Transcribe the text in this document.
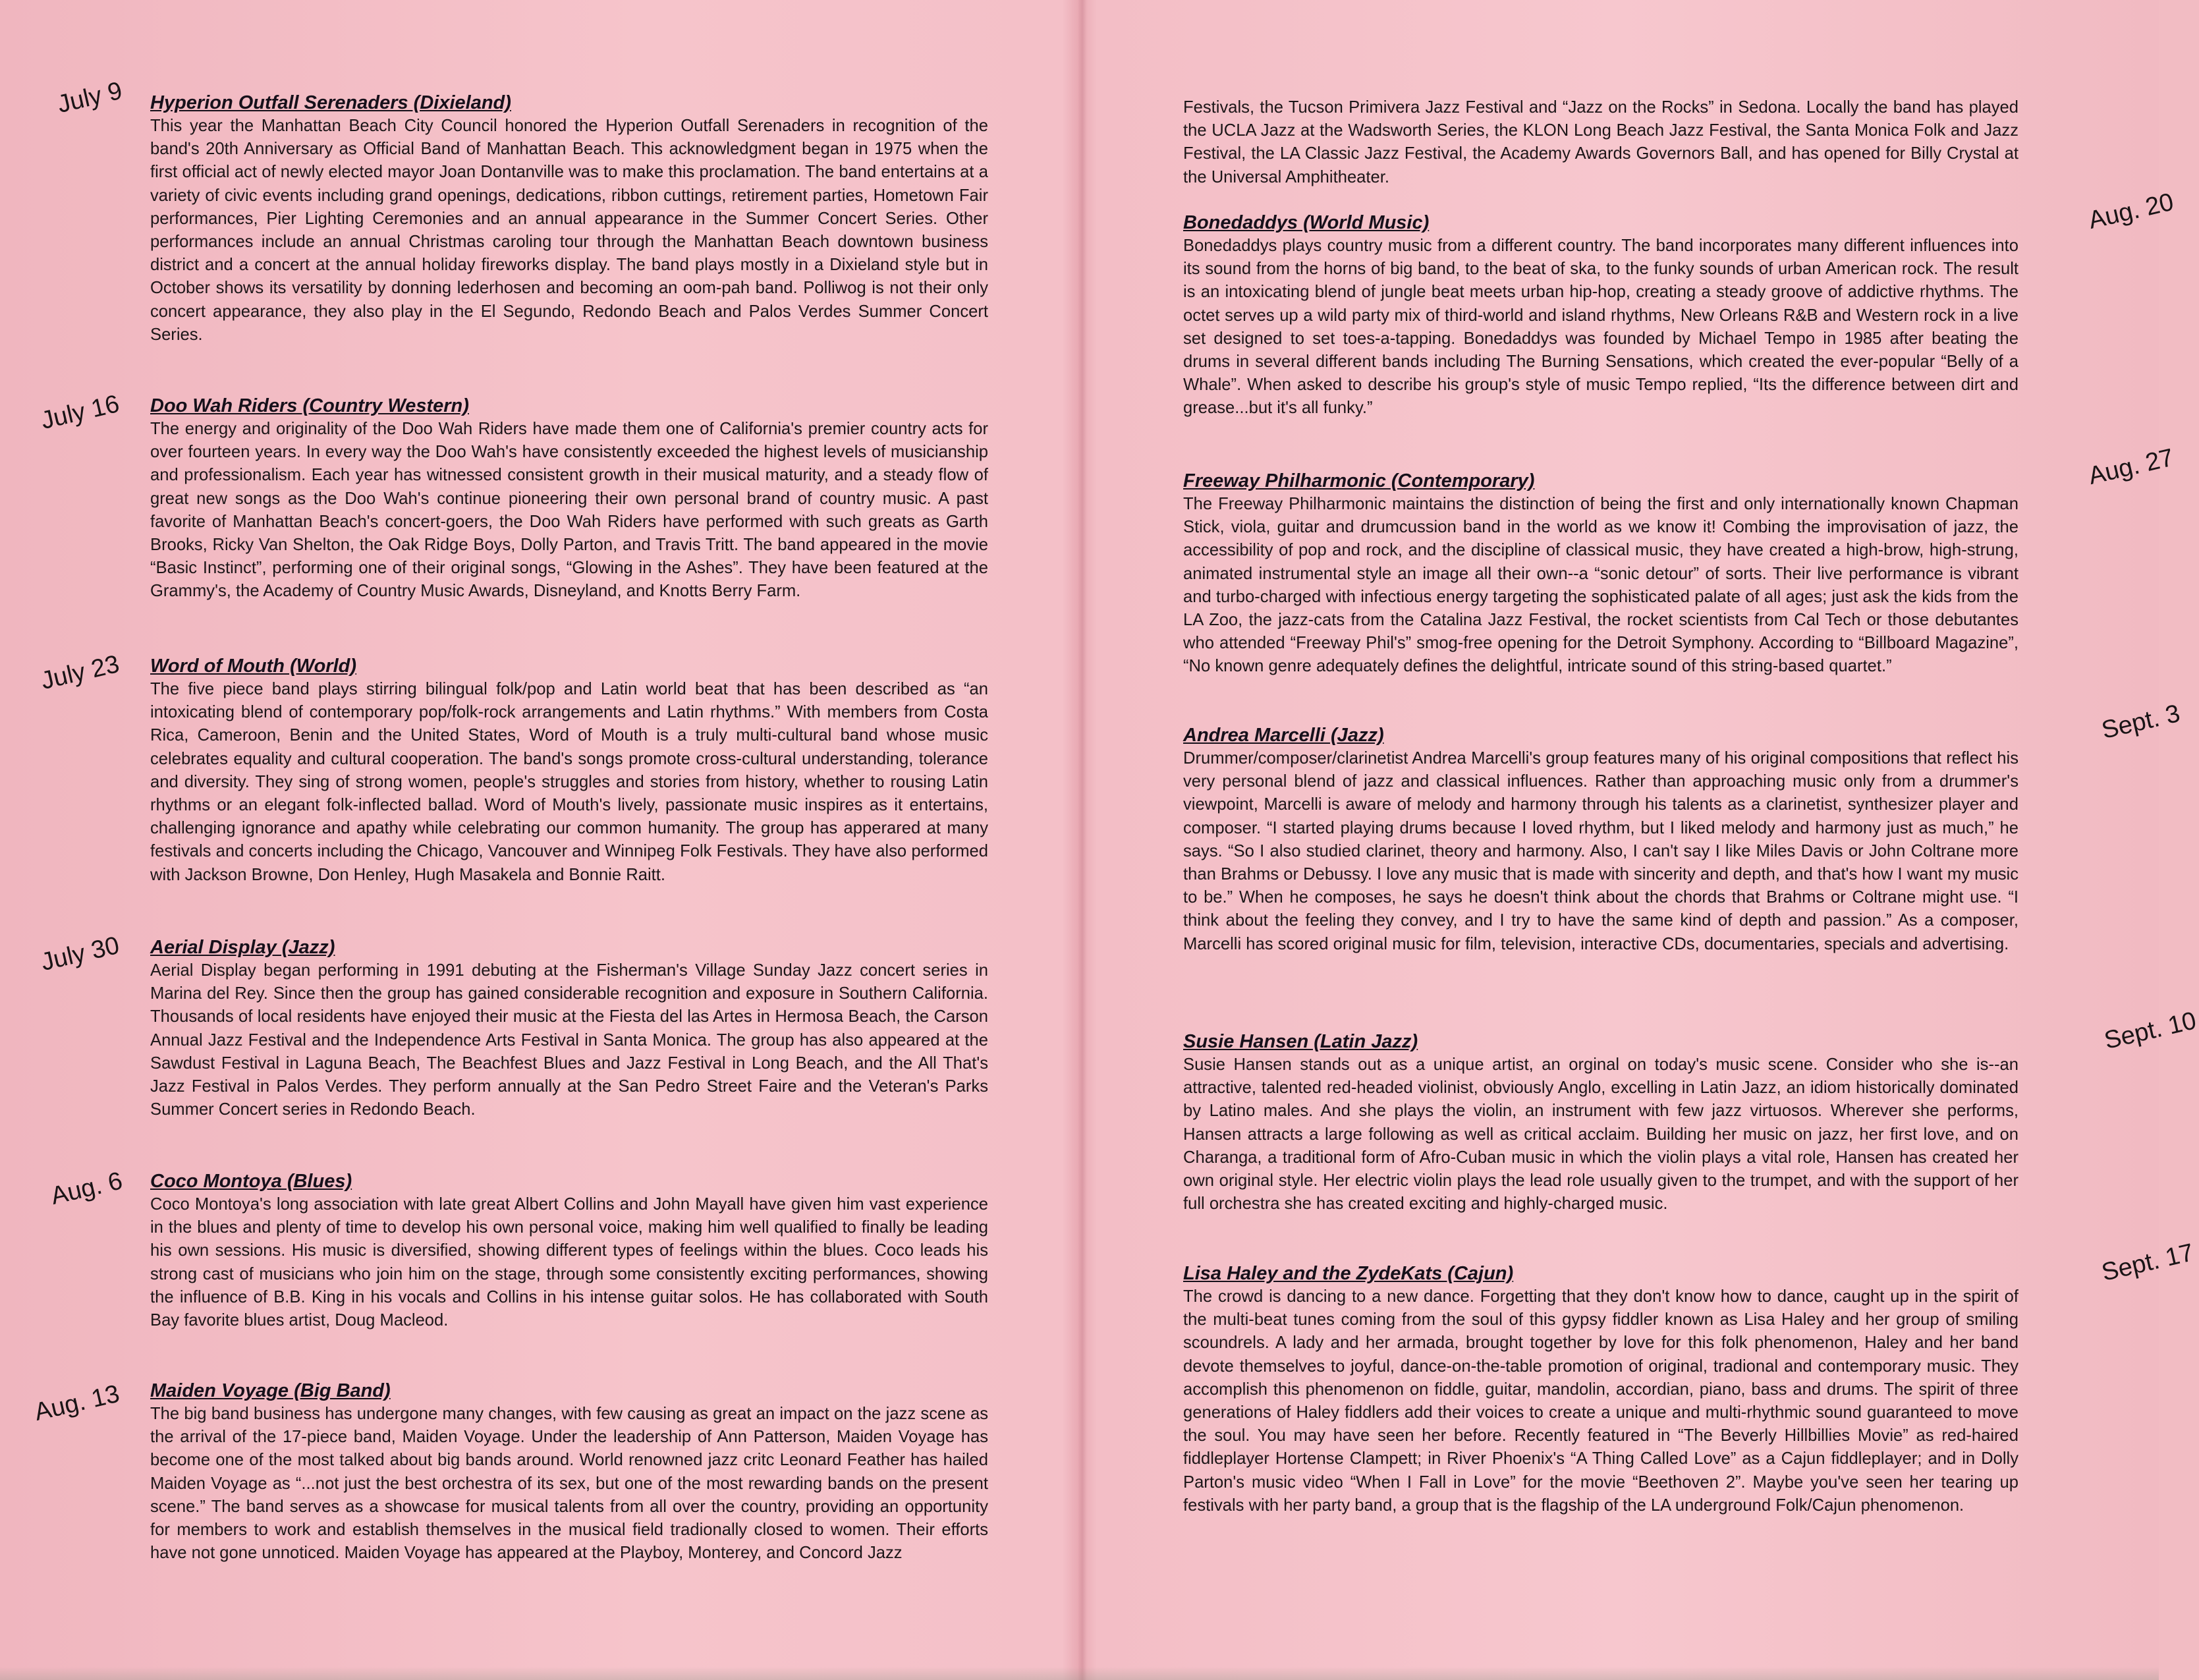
July 9 Hyperion Outfall Serenaders (Dixieland)

This year the Manhattan Beach City Council honored the Hyperion Outfall Serenaders in recognition of the band's 20th Anniversary as Official Band of Manhattan Beach. This acknowledgment began in 1975 when the first official act of newly elected mayor Joan Dontanville was to make this proclamation. The band entertains at a variety of civic events including grand openings, dedications, ribbon cuttings, retirement parties, Hometown Fair performances, Pier Lighting Ceremonies and an annual appearance in the Summer Concert Series. Other performances include an annual Christmas caroling tour through the Manhattan Beach downtown business district and a concert at the annual holiday fireworks display. The band plays mostly in a Dixieland style but in October shows its versatility by donning lederhosen and becoming an oom-pah band. Polliwog is not their only concert appearance, they also play in the El Segundo, Redondo Beach and Palos Verdes Summer Concert Series.

July 16 Doo Wah Riders (Country Western)

The energy and originality of the Doo Wah Riders have made them one of California's premier country acts for over fourteen years. In every way the Doo Wah's have consistently exceeded the highest levels of musicianship and professionalism. Each year has witnessed consistent growth in their musical maturity, and a steady flow of great new songs as the Doo Wah's continue pioneering their own personal brand of country music. A past favorite of Manhattan Beach's concert-goers, the Doo Wah Riders have performed with such greats as Garth Brooks, Ricky Van Shelton, the Oak Ridge Boys, Dolly Parton, and Travis Tritt. The band appeared in the movie “Basic Instinct”, performing one of their original songs, “Glowing in the Ashes”. They have been featured at the Grammy's, the Academy of Country Music Awards, Disneyland, and Knotts Berry Farm.

July 23 Word of Mouth (World)

The five piece band plays stirring bilingual folk/pop and Latin world beat that has been described as “an intoxicating blend of contemporary pop/folk-rock arrangements and Latin rhythms.” With members from Costa Rica, Cameroon, Benin and the United States, Word of Mouth is a truly multi-cultural band whose music celebrates equality and cultural cooperation. The band's songs promote cross-cultural understanding, tolerance and diversity. They sing of strong women, people's struggles and stories from history, whether to rousing Latin rhythms or an elegant folk-inflected ballad. Word of Mouth's lively, passionate music inspires as it entertains, challenging ignorance and apathy while celebrating our common humanity. The group has apperared at many festivals and concerts including the Chicago, Vancouver and Winnipeg Folk Festivals. They have also performed with Jackson Browne, Don Henley, Hugh Masakela and Bonnie Raitt.

July 30 Aerial Display (Jazz)

Aerial Display began performing in 1991 debuting at the Fisherman's Village Sunday Jazz concert series in Marina del Rey. Since then the group has gained considerable recognition and exposure in Southern California. Thousands of local residents have enjoyed their music at the Fiesta del las Artes in Hermosa Beach, the Carson Annual Jazz Festival and the Independence Arts Festival in Santa Monica. The group has also appeared at the Sawdust Festival in Laguna Beach, The Beachfest Blues and Jazz Festival in Long Beach, and the All That's Jazz Festival in Palos Verdes. They perform annually at the San Pedro Street Faire and the Veteran's Parks Summer Concert series in Redondo Beach.

Aug. 6 Coco Montoya (Blues)

Coco Montoya's long association with late great Albert Collins and John Mayall have given him vast experience in the blues and plenty of time to develop his own personal voice, making him well qualified to finally be leading his own sessions. His music is diversified, showing different types of feelings within the blues. Coco leads his strong cast of musicians who join him on the stage, through some consistently exciting performances, showing the influence of B.B. King in his vocals and Collins in his intense guitar solos. He has collaborated with South Bay favorite blues artist, Doug Macleod.

Aug. 13 Maiden Voyage (Big Band)

The big band business has undergone many changes, with few causing as great an impact on the jazz scene as the arrival of the 17-piece band, Maiden Voyage. Under the leadership of Ann Patterson, Maiden Voyage has become one of the most talked about big bands around. World renowned jazz critc Leonard Feather has hailed Maiden Voyage as “...not just the best orchestra of its sex, but one of the most rewarding bands on the present scene.” The band serves as a showcase for musical talents from all over the country, providing an opportunity for members to work and establish themselves in the musical field tradionally closed to women. Their efforts have not gone unnoticed. Maiden Voyage has appeared at the Playboy, Monterey, and Concord Jazz

Festivals, the Tucson Primivera Jazz Festival and “Jazz on the Rocks” in Sedona. Locally the band has played the UCLA Jazz at the Wadsworth Series, the KLON Long Beach Jazz Festival, the Santa Monica Folk and Jazz Festival, the LA Classic Jazz Festival, the Academy Awards Governors Ball, and has opened for Billy Crystal at the Universal Amphitheater.

Aug. 20

Bonedaddys (World Music)

Bonedaddys plays country music from a different country. The band incorporates many different influences into its sound from the horns of big band, to the beat of ska, to the funky sounds of urban American rock. The result is an intoxicating blend of jungle beat meets urban hip-hop, creating a steady groove of addictive rhythms. The octet serves up a wild party mix of third-world and island rhythms, New Orleans R&B and Western rock in a live set designed to set toes-a-tapping. Bonedaddys was founded by Michael Tempo in 1985 after beating the drums in several different bands including The Burning Sensations, which created the ever-popular “Belly of a Whale”. When asked to describe his group's style of music Tempo replied, “Its the difference between dirt and grease...but it's all funky.”

Aug. 27

Freeway Philharmonic (Contemporary)

The Freeway Philharmonic maintains the distinction of being the first and only internationally known Chapman Stick, viola, guitar and drumcussion band in the world as we know it! Combing the improvisation of jazz, the accessibility of pop and rock, and the discipline of classical music, they have created a high-brow, high-strung, animated instrumental style an image all their own--a “sonic detour” of sorts. Their live performance is vibrant and turbo-charged with infectious energy targeting the sophisticated palate of all ages; just ask the kids from the LA Zoo, the jazz-cats from the Catalina Jazz Festival, the rocket scientists from Cal Tech or those debutantes who attended “Freeway Phil's” smog-free opening for the Detroit Symphony. According to “Billboard Magazine”, “No known genre adequately defines the delightful, intricate sound of this string-based quartet.”

Sept. 3

Andrea Marcelli (Jazz)

Drummer/composer/clarinetist Andrea Marcelli's group features many of his original compositions that reflect his very personal blend of jazz and classical influences. Rather than approaching music only from a drummer's viewpoint, Marcelli is aware of melody and harmony through his talents as a clarinetist, synthesizer player and composer. “I started playing drums because I loved rhythm, but I liked melody and harmony just as much,” he says. “So I also studied clarinet, theory and harmony. Also, I can't say I like Miles Davis or John Coltrane more than Brahms or Debussy. I love any music that is made with sincerity and depth, and that's how I want my music to be.” When he composes, he says he doesn't think about the chords that Brahms or Coltrane might use. “I think about the feeling they convey, and I try to have the same kind of depth and passion.” As a composer, Marcelli has scored original music for film, television, interactive CDs, documentaries, specials and advertising.

Sept. 10

Susie Hansen (Latin Jazz)

Susie Hansen stands out as a unique artist, an orginal on today's music scene. Consider who she is--an attractive, talented red-headed violinist, obviously Anglo, excelling in Latin Jazz, an idiom historically dominated by Latino males. And she plays the violin, an instrument with few jazz virtuosos. Wherever she performs, Hansen attracts a large following as well as critical acclaim. Building her music on jazz, her first love, and on Charanga, a traditional form of Afro-Cuban music in which the violin plays a vital role, Hansen has created her own original style. Her electric violin plays the lead role usually given to the trumpet, and with the support of her full orchestra she has created exciting and highly-charged music.

Sept. 17

Lisa Haley and the ZydeKats (Cajun)

The crowd is dancing to a new dance. Forgetting that they don't know how to dance, caught up in the spirit of the multi-beat tunes coming from the soul of this gypsy fiddler known as Lisa Haley and her group of smiling scoundrels. A lady and her armada, brought together by love for this folk phenomenon, Haley and her band devote themselves to joyful, dance-on-the-table promotion of original, tradional and contemporary music. They accomplish this phenomenon on fiddle, guitar, mandolin, accordian, piano, bass and drums. The spirit of three generations of Haley fiddlers add their voices to create a unique and multi-rhythmic sound guaranteed to move the soul. You may have seen her before. Recently featured in “The Beverly Hillbillies Movie” as red-haired fiddleplayer Hortense Clampett; in River Phoenix's “A Thing Called Love” as a Cajun fiddleplayer; and in Dolly Parton's music video “When I Fall in Love” for the movie “Beethoven 2”. Maybe you've seen her tearing up festivals with her party band, a group that is the flagship of the LA underground Folk/Cajun phenomenon.
